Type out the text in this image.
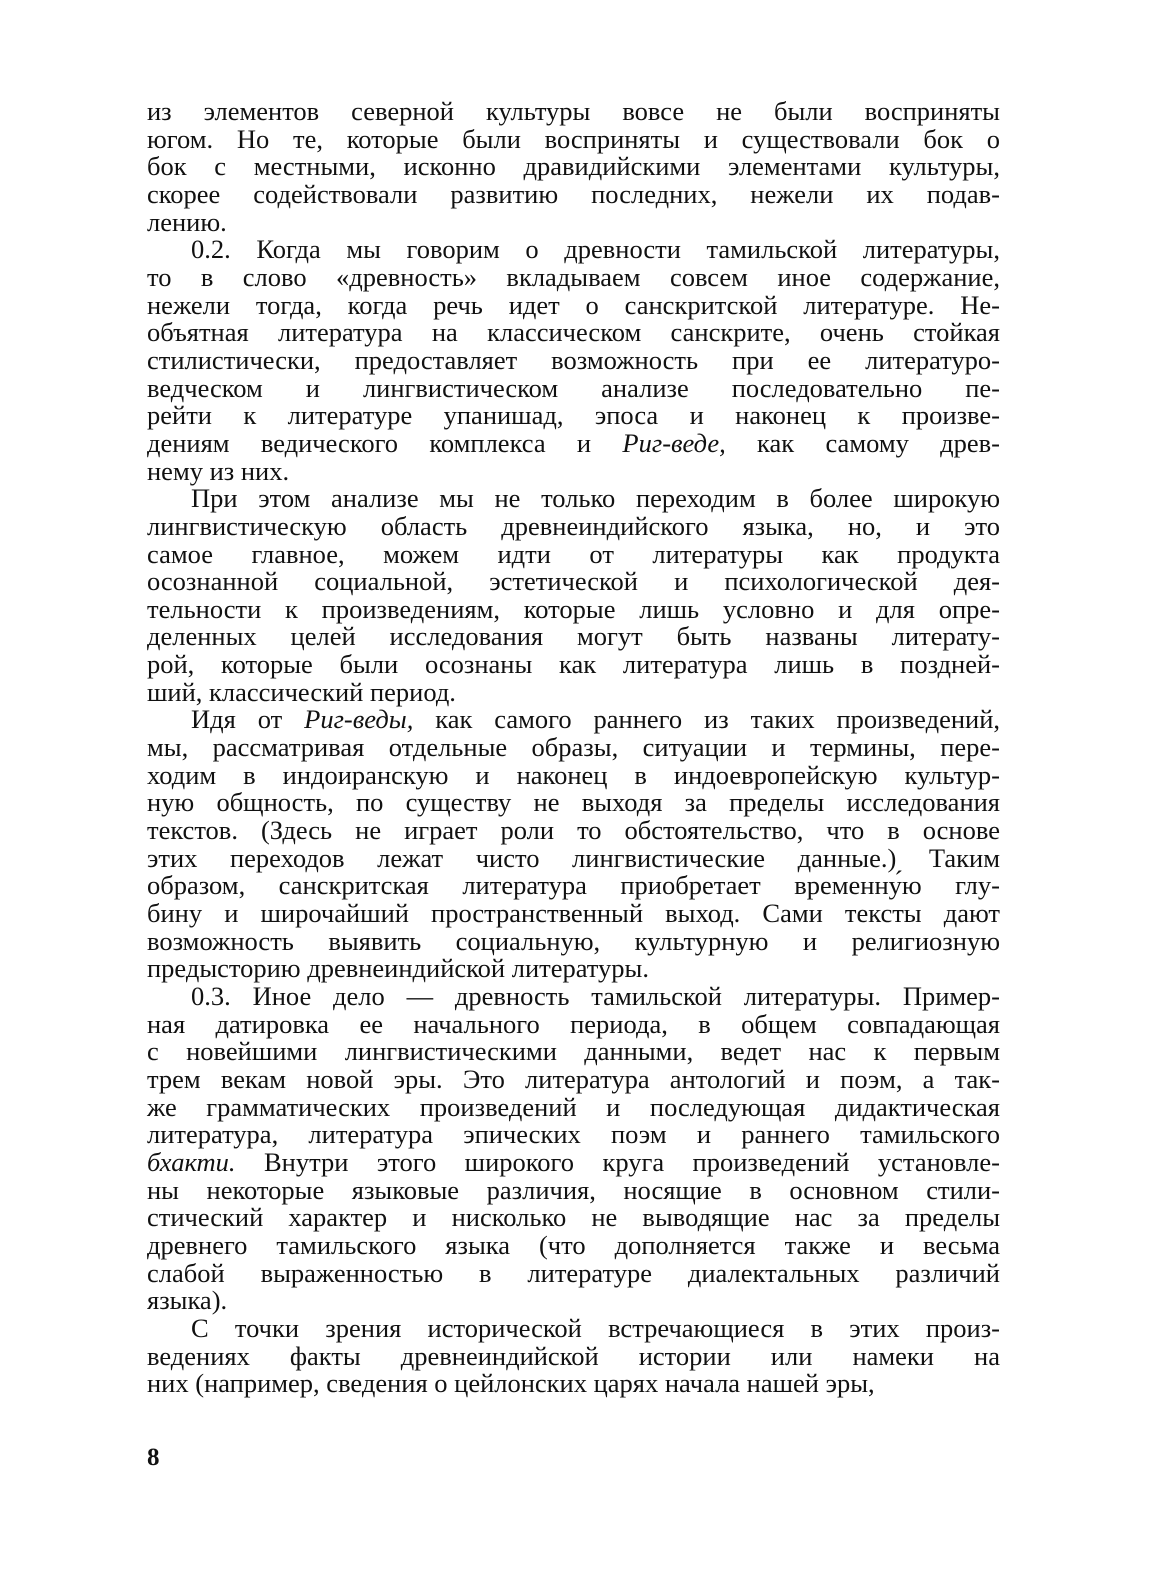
из элементов северной культуры вовсе не были восприняты
югом. Но те, которые были восприняты и существовали бок о
бок с местными, исконно дравидийскими элементами культуры,
скорее содействовали развитию последних, нежели их подав-
лению.
0.2. Когда мы говорим о древности тамильской литературы,
то в слово «древность» вкладываем совсем иное содержание,
нежели тогда, когда речь идет о санскритской литературе. Не-
объятная литература на классическом санскрите, очень стойкая
стилистически, предоставляет возможность при ее литературо-
ведческом и лингвистическом анализе последовательно пе-
рейти к литературе упанишад, эпоса и наконец к произве-
дениям ведического комплекса и Риг-веде, как самому древ-
нему из них.
При этом анализе мы не только переходим в более широкую
лингвистическую область древнеиндийского языка, но, и это
самое главное, можем идти от литературы как продукта
осознанной социальной, эстетической и психологической дея-
тельности к произведениям, которые лишь условно и для опре-
деленных целей исследования могут быть названы литерату-
рой, которые были осознаны как литература лишь в поздней-
ший, классический период.
Идя от Риг-веды, как самого раннего из таких произведений,
мы, рассматривая отдельные образы, ситуации и термины, пере-
ходим в индоиранскую и наконец в индоевропейскую культур-
ную общность, по существу не выходя за пределы исследования
текстов. (Здесь не играет роли то обстоятельство, что в основе
этих переходов лежат чисто лингвистические данные.) Таким
образом, санскритская литература приобретает временну́ю глу-
бину и широчайший пространственный выход. Сами тексты дают
возможность выявить социальную, культурную и религиозную
предысторию древнеиндийской литературы.
0.3. Иное дело — древность тамильской литературы. Пример-
ная датировка ее начального периода, в общем совпадающая
с новейшими лингвистическими данными, ведет нас к первым
трем векам новой эры. Это литература антологий и поэм, а так-
же грамматических произведений и последующая дидактическая
литература, литература эпических поэм и раннего тамильского
бхакти. Внутри этого широкого круга произведений установле-
ны некоторые языковые различия, носящие в основном стили-
стический характер и нисколько не выводящие нас за пределы
древнего тамильского языка (что дополняется также и весьма
слабой выраженностью в литературе диалектальных различий
языка).
С точки зрения исторической встречающиеся в этих произ-
ведениях факты древнеиндийской истории или намеки на
них (например, сведения о цейлонских царях начала нашей эры,
8
